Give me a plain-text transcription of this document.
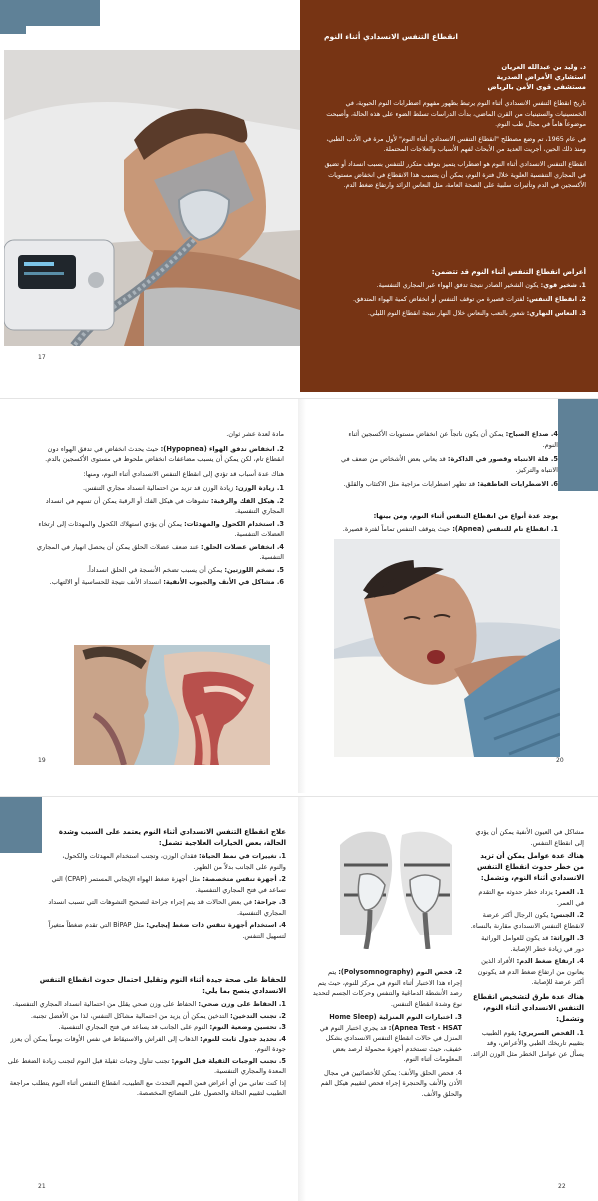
17
انقطاع التنفس الانسدادي أثناء النوم
د. وليد بن عبدالله العريان
استشاري الأمراض الصدرية
مستشفى قوى الأمن بالرياض
تاريخ انقطاع التنفس الانسدادي أثناء النوم يرتبط بظهور مفهوم اضطرابات النوم الحيوية، في الخمسينيات والستينيات من القرن الماضي، بدأت الدراسات تسلط الضوء على هذه الحالة، وأصبحت موضوعاً هاماً في مجال طب النوم.
في عام 1965، تم وضع مصطلح "انقطاع التنفس الانسدادي أثناء النوم" لأول مرة في الأدب الطبي، ومنذ ذلك الحين، أجريت العديد من الأبحاث لفهم الأسباب والعلاجات المحتملة.
انقطاع التنفس الانسدادي أثناء النوم هو اضطراب يتميز بتوقف متكرر للتنفس بسبب انسداد أو تضيق في المجاري التنفسية العلوية خلال فترة النوم، يمكن أن يتسبب هذا الانقطاع في انخفاض مستويات الأكسجين في الدم وتأثيرات سلبية على الصحة العامة، مثل النعاس الزائد وارتفاع ضغط الدم.
أعراض انقطاع التنفس أثناء النوم قد تتضمن:
1. شخير قوي: يكون الشخير الصادر نتيجة تدفق الهواء عبر المجاري التنفسية.
2. انقطاع التنفس: لفترات قصيرة من توقف التنفس أو انخفاض كمية الهواء المتدفق.
3. النعاس النهاري: شعور بالتعب والنعاس خلال النهار نتيجة انقطاع النوم الليلي.
مادة لعدة عشر ثوان.
2. انخفاض تدفق الهواء (Hypopnea): حيث يحدث انخفاض في تدفق الهواء دون انقطاع تام، لكن يمكن أن يسبب مضاعفات انخفاض ملحوظ في مستوى الأكسجين بالدم.
هناك عدة أسباب قد تؤدي إلى انقطاع التنفس الانسدادي أثناء النوم، ومنها:
1. زيادة الوزن: زيادة الوزن قد تزيد من احتمالية انسداد مجاري التنفس.
2. هيكل الفك والرقبة: تشوهات في هيكل الفك أو الرقبة يمكن أن تسهم في انسداد المجاري التنفسية.
3. استخدام الكحول والمهدئات: يمكن أن يؤدي استهلاك الكحول والمهدئات إلى ارتخاء العضلات التنفسية.
4. انخفاض عضلات الحلق: عند ضعف عضلات الحلق يمكن أن يحصل انهيار في المجاري التنفسية.
5. تضخم اللوزتين: يمكن أن يسبب تضخم الأنسجة في الحلق انسداداً.
6. مشاكل في الأنف والجيوب الأنفية: انسداد الأنف نتيجة للحساسية أو الالتهاب.
19
4. صداع الصباح: يمكن أن يكون ناتجاً عن انخفاض مستويات الأكسجين أثناء النوم.
5. قلة الانتباه وقصور في الذاكرة: قد يعاني بعض الأشخاص من ضعف في الانتباه والتركيز.
6. الاضطرابات العاطفية: قد تظهر اضطرابات مزاجية مثل الاكتئاب والقلق.
يوجد عدة أنواع من انقطاع التنفس أثناء النوم، ومن بينها:
1. انقطاع تام للتنفس (Apnea): حيث يتوقف التنفس تماماً لفترة قصيرة.
20
علاج انقطاع التنفس الانسدادي أثناء النوم يعتمد على السبب وشدة الحالة، بعض الخيارات العلاجية تشمل:
1. تغييرات في نمط الحياة: فقدان الوزن، وتجنب استخدام المهدئات والكحول، والنوم على الجانب بدلاً من الظهر.
2. أجهزة تنفس متخصصة: مثل أجهزة ضغط الهواء الإيجابي المستمر (CPAP) التي تساعد في فتح المجاري التنفسية.
3. جراحة: في بعض الحالات قد يتم إجراء جراحة لتصحيح التشوهات التي تسبب انسداد المجاري التنفسية.
4. استخدام أجهزة تنفس ذات ضغط إيجابي: مثل BiPAP التي تقدم ضغطاً متغيراً لتسهيل التنفس.
للحفاظ على صحة جيدة أثناء النوم وتقليل احتمال حدوث انقطاع التنفس الانسدادي ينصح بما يلي:
1. الحفاظ على وزن صحي: الحفاظ على وزن صحي يقلل من احتمالية انسداد المجاري التنفسية.
2. تجنب التدخين: التدخين يمكن أن يزيد من احتمالية مشاكل التنفس، لذا من الأفضل تجنبه.
3. تحسين وضعية النوم: النوم على الجانب قد يساعد في فتح المجاري التنفسية.
4. تحديد جدول ثابت للنوم: الذهاب إلى الفراش والاستيقاظ في نفس الأوقات يومياً يمكن أن يعزز جودة النوم.
5. تجنب الوجبات الثقيلة قبل النوم: تجنب تناول وجبات ثقيلة قبل النوم لتجنب زيادة الضغط على المعدة والمجاري التنفسية.
إذا كنت تعاني من أي أعراض فمن المهم التحدث مع الطبيب، انقطاع التنفس أثناء النوم يتطلب مراجعة الطبيب لتقييم الحالة والحصول على النصائح المخصصة.
21
2. فحص النوم (Polysomnography): يتم إجراء هذا الاختبار أثناء النوم في مركز للنوم، حيث يتم رصد الأنشطة الدماغية والتنفس وحركات الجسم لتحديد نوع وشدة انقطاع التنفس.
3. اختبارات النوم المنزلية (Home Sleep Apnea Test - HSAT): قد يجري اختبار النوم في المنزل في حالات انقطاع التنفس الانسدادي بشكل خفيف، حيث تستخدم أجهزة محمولة لرصد بعض المعلومات أثناء النوم.
4. فحص الحلق والأنف: يمكن للأخصائيين في مجال الأذن والأنف والحنجرة إجراء فحص لتقييم هيكل الفم والحلق والأنف.
مشاكل في العيون الأنفية يمكن أن يؤدي إلى انقطاع التنفس.
هناك عدة عوامل يمكن أن تزيد من خطر حدوث انقطاع التنفس الانسدادي أثناء النوم، وتشمل:
1. العمر: يزداد خطر حدوثه مع التقدم في العمر.
2. الجنس: يكون الرجال أكثر عرضة لانقطاع التنفس الانسدادي مقارنة بالنساء.
3. الوراثة: قد يكون للعوامل الوراثية دور في زيادة خطر الإصابة.
4. ارتفاع ضغط الدم: الأفراد الذين يعانون من ارتفاع ضغط الدم قد يكونون أكثر عرضة للإصابة.
هناك عدة طرق لتشخيص انقطاع التنفس الانسدادي أثناء النوم، وتشمل:
1. الفحص السريري: يقوم الطبيب بتقييم تاريخك الطبي والأعراض، وقد يسأل عن عوامل الخطر مثل الوزن الزائد.
22
